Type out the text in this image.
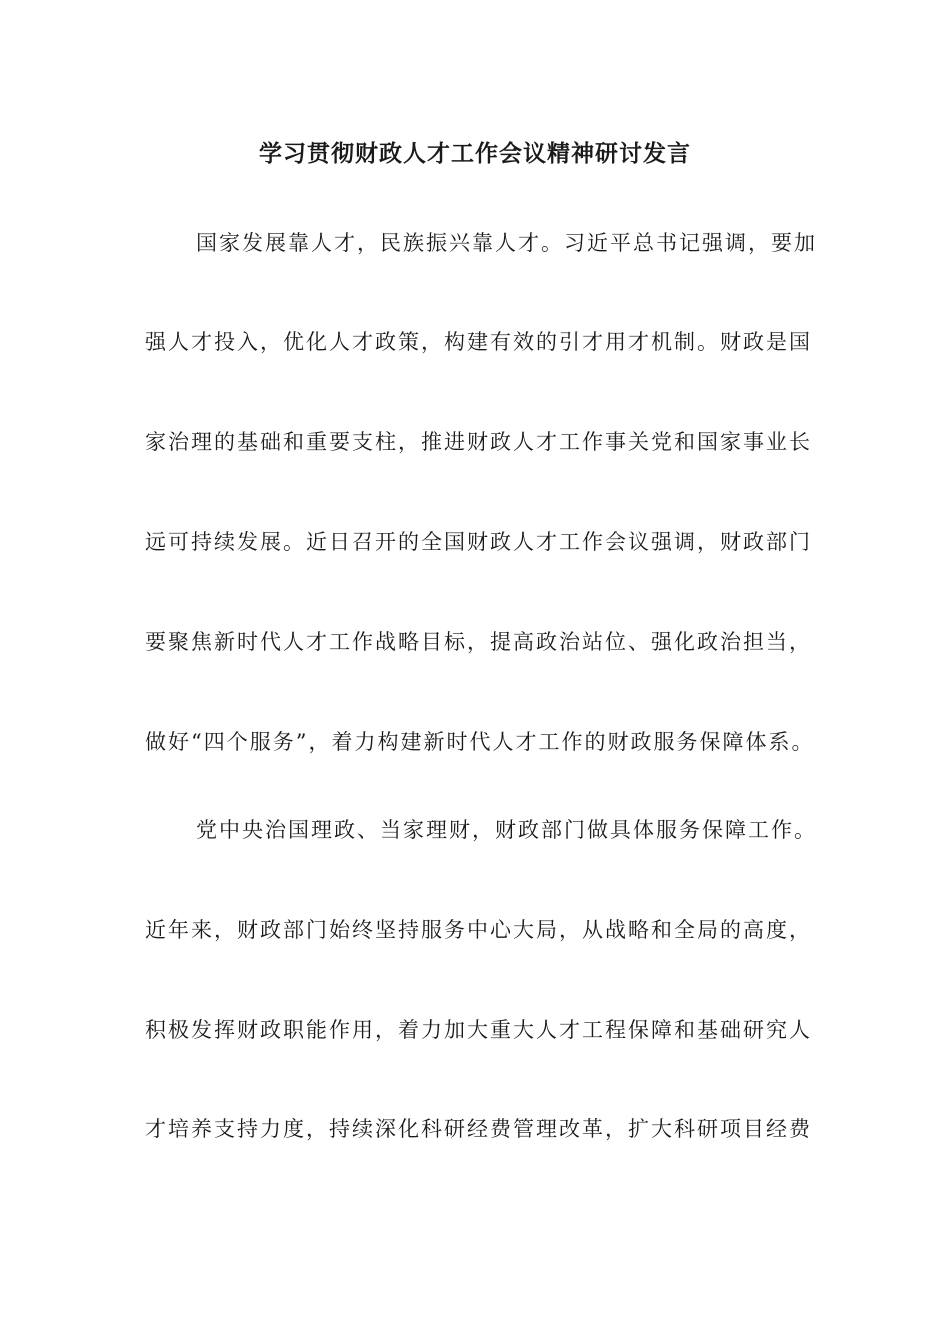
学习贯彻财政人才工作会议精神研讨发言
国家发展靠人才，民族振兴靠人才。习近平总书记强调，要加
强人才投入，优化人才政策，构建有效的引才用才机制。财政是国
家治理的基础和重要支柱，推进财政人才工作事关党和国家事业长
远可持续发展。近日召开的全国财政人才工作会议强调，财政部门
要聚焦新时代人才工作战略目标，提高政治站位、强化政治担当，
做好“四个服务”，着力构建新时代人才工作的财政服务保障体系。
党中央治国理政、当家理财，财政部门做具体服务保障工作。
近年来，财政部门始终坚持服务中心大局，从战略和全局的高度，
积极发挥财政职能作用，着力加大重大人才工程保障和基础研究人
才培养支持力度，持续深化科研经费管理改革，扩大科研项目经费
